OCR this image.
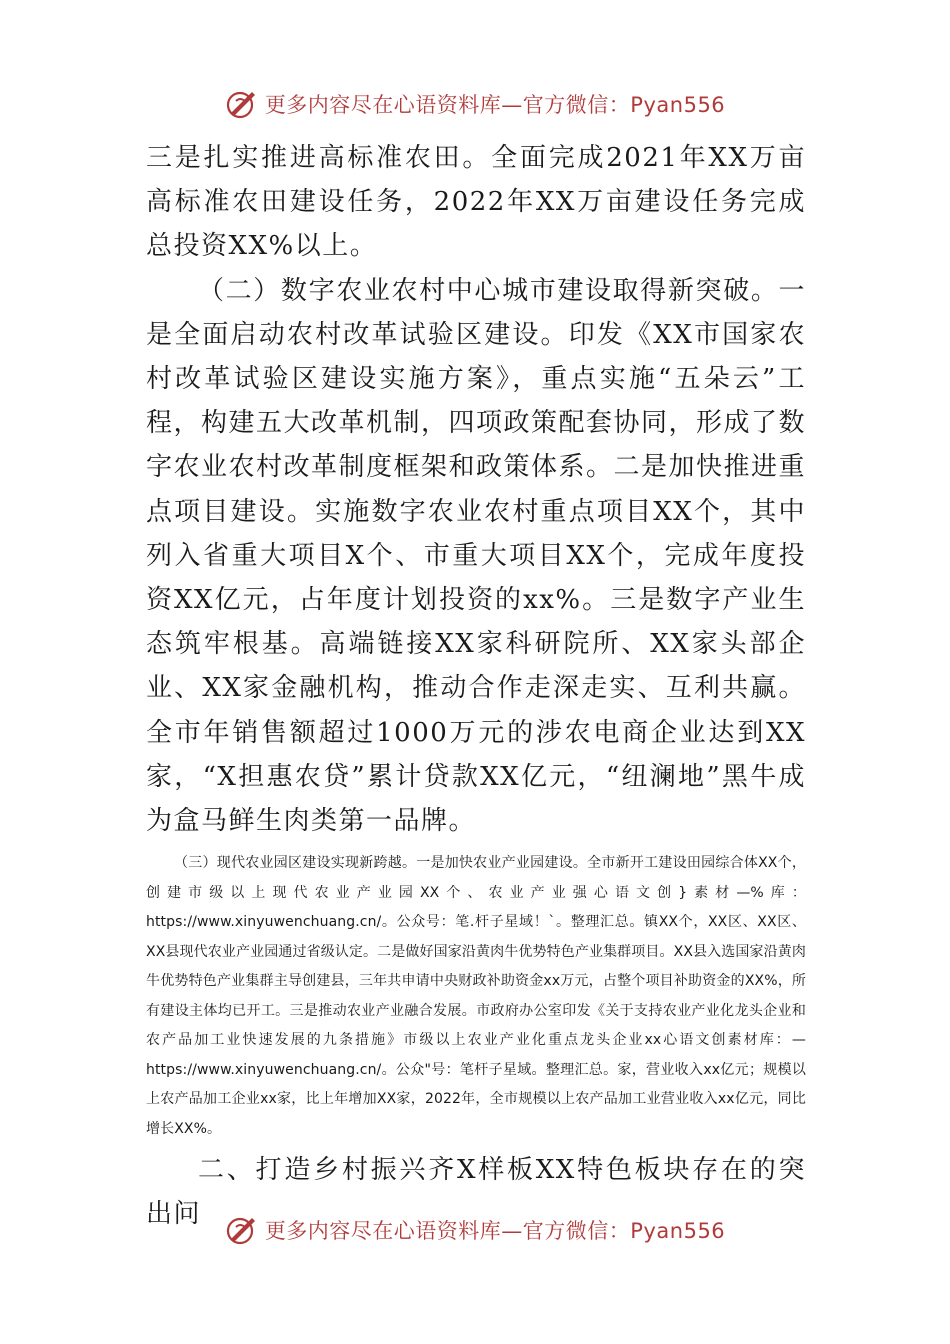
更多内容尽在心语资料库—官方微信：Pyan556

三是扎实推进高标准农田。全面完成2021年XX万亩高标准农田建设任务，2022年XX万亩建设任务完成总投资XX%以上。

（二）数字农业农村中心城市建设取得新突破。一是全面启动农村改革试验区建设。印发《XX市国家农村改革试验区建设实施方案》，重点实施“五朵云”工程，构建五大改革机制，四项政策配套协同，形成了数字农业农村改革制度框架和政策体系。二是加快推进重点项目建设。实施数字农业农村重点项目XX个，其中列入省重大项目X个、市重大项目XX个，完成年度投资XX亿元，占年度计划投资的xx%。三是数字产业生态筑牢根基。高端链接XX家科研院所、XX家头部企业、XX家金融机构，推动合作走深走实、互利共赢。全市年销售额超过1000万元的涉农电商企业达到XX家，“X担惠农贷”累计贷款XX亿元，“纽澜地”黑牛成为盒马鲜生肉类第一品牌。

（三）现代农业园区建设实现新跨越。一是加快农业产业园建设。全市新开工建设田园综合体XX个，创建市级以上现代农业产业园XX个、农业产业强心语文创}素材—%库：https://www.xinyuwenchuang.cn/。公众号：笔.杆子星域！`。整理汇总。镇XX个，XX区、XX区、XX县现代农业产业园通过省级认定。二是做好国家沿黄肉牛优势特色产业集群项目。XX县入选国家沿黄肉牛优势特色产业集群主导创建县，三年共申请中央财政补助资金xx万元，占整个项目补助资金的XX%，所有建设主体均已开工。三是推动农业产业融合发展。市政府办公室印发《关于支持农业产业化龙头企业和农产品加工业快速发展的九条措施》市级以上农业产业化重点龙头企业xx心语文创素材库：—https://www.xinyuwenchuang.cn/。公众"号：笔杆子星域。整理汇总。家，营业收入xx亿元；规模以上农产品加工企业xx家，比上年增加XX家，2022年，全市规模以上农产品加工业营业收入xx亿元，同比增长XX%。

二、打造乡村振兴齐X样板XX特色板块存在的突出问

更多内容尽在心语资料库—官方微信：Pyan556
